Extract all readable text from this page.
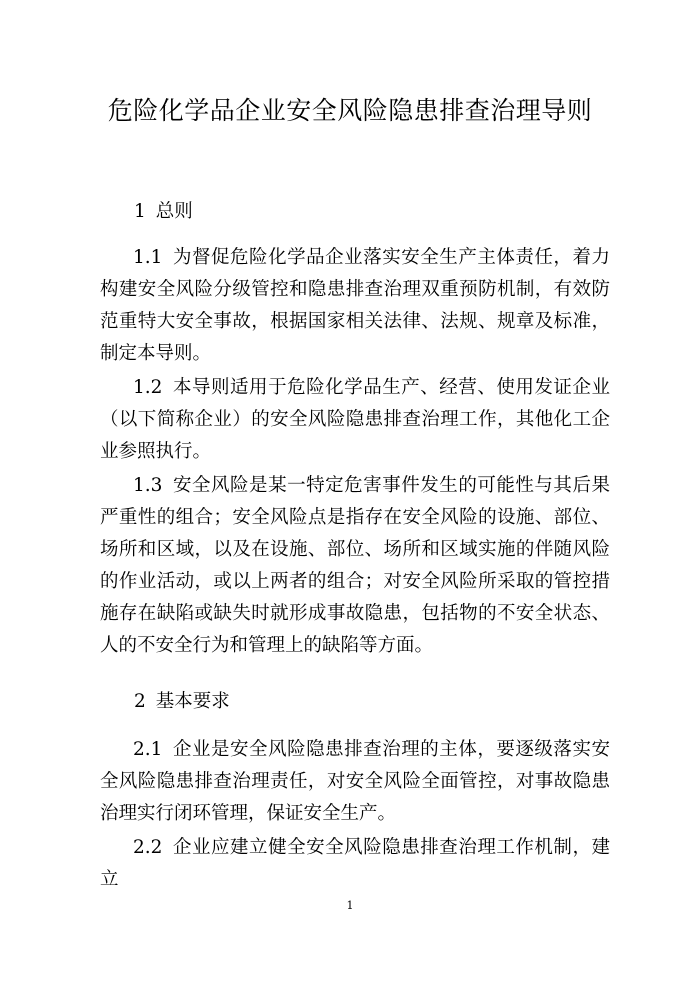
危险化学品企业安全风险隐患排查治理导则
1 总则

1.1 为督促危险化学品企业落实安全生产主体责任，着力构建安全风险分级管控和隐患排查治理双重预防机制，有效防范重特大安全事故，根据国家相关法律、法规、规章及标准，制定本导则。

1.2 本导则适用于危险化学品生产、经营、使用发证企业（以下简称企业）的安全风险隐患排查治理工作，其他化工企业参照执行。

1.3 安全风险是某一特定危害事件发生的可能性与其后果严重性的组合；安全风险点是指存在安全风险的设施、部位、场所和区域，以及在设施、部位、场所和区域实施的伴随风险的作业活动，或以上两者的组合；对安全风险所采取的管控措施存在缺陷或缺失时就形成事故隐患，包括物的不安全状态、人的不安全行为和管理上的缺陷等方面。

2 基本要求

2.1 企业是安全风险隐患排查治理的主体，要逐级落实安全风险隐患排查治理责任，对安全风险全面管控，对事故隐患治理实行闭环管理，保证安全生产。

2.2 企业应建立健全安全风险隐患排查治理工作机制，建立

1
